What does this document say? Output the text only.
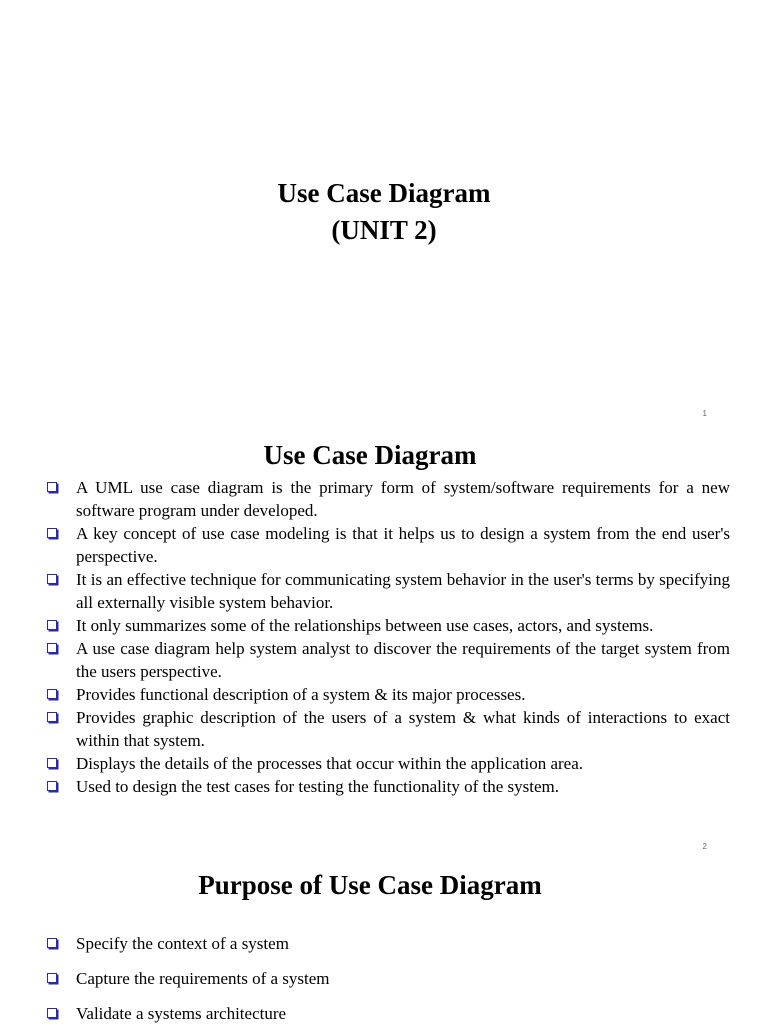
Use Case Diagram
(UNIT 2)
1
Use Case Diagram
A UML use case diagram is the primary form of system/software requirements for a new software program under developed.
A key concept of use case modeling is that it helps us to design a system from the end user's perspective.
It is an effective technique for communicating system behavior in the user's terms by specifying all externally visible system behavior.
It only summarizes some of the relationships between use cases, actors, and systems.
A use case diagram help system analyst to discover the requirements of the target system from the users perspective.
Provides functional description of a system & its major processes.
Provides graphic description of the users of a system & what kinds of interactions to exact within that system.
Displays the details of the processes that occur within the application area.
Used to design the test cases for testing the functionality of the system.
2
Purpose of Use Case Diagram
Specify the context of a system
Capture the requirements of a system
Validate a systems architecture
